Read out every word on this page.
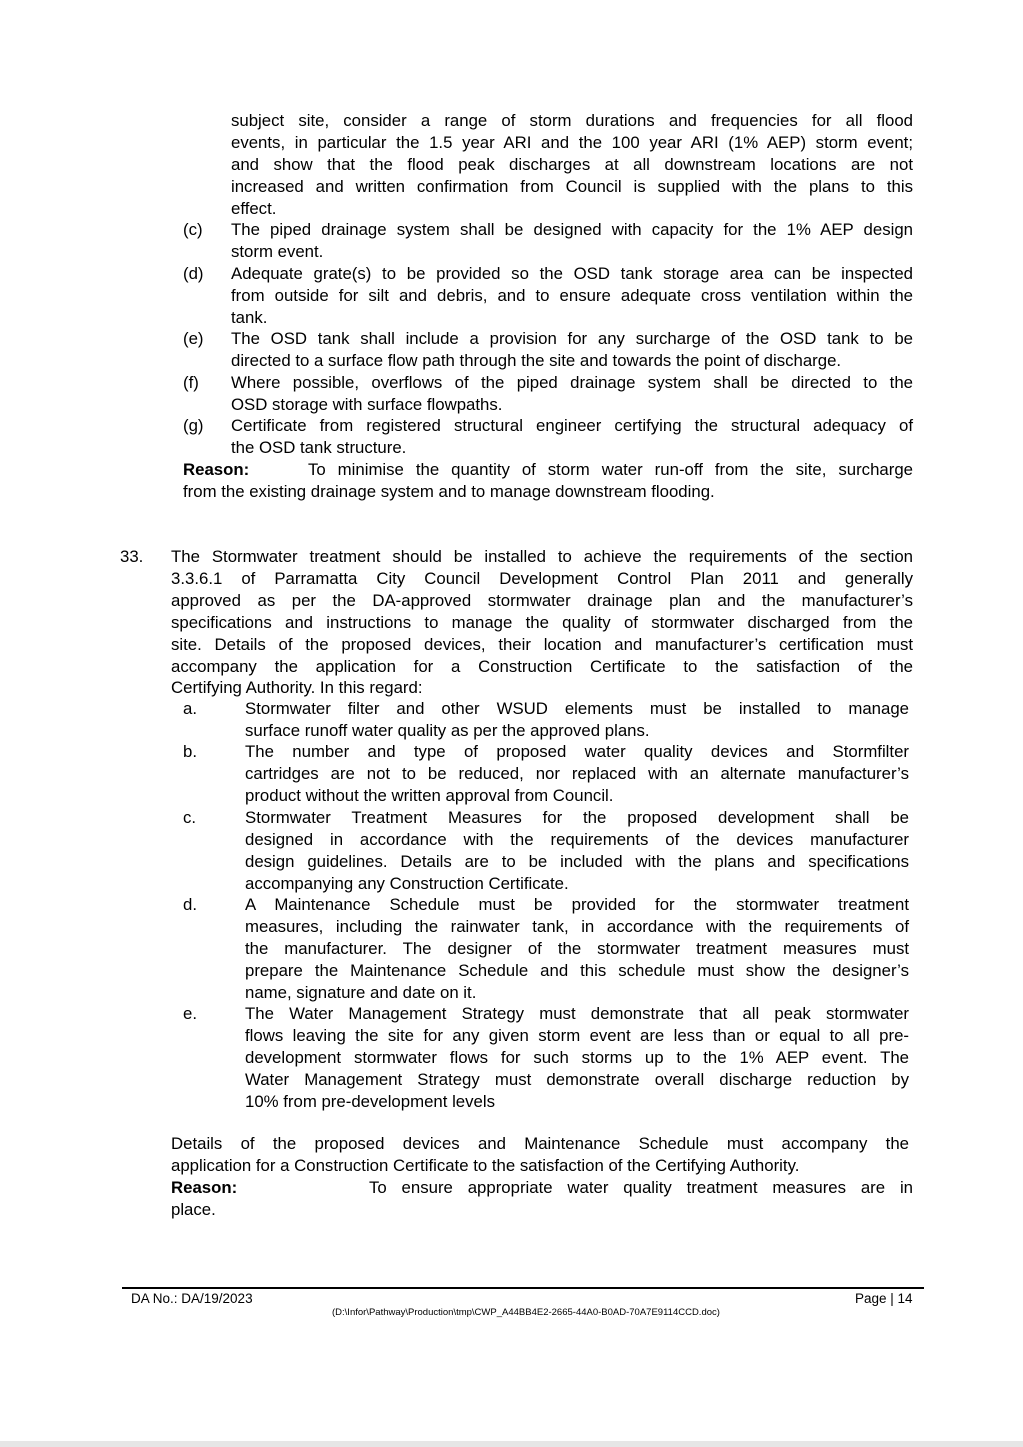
subject site, consider a range of storm durations and frequencies for all flood
events, in particular the 1.5 year ARI and the 100 year ARI (1% AEP) storm event;
and show that the flood peak discharges at all downstream locations are not
increased and written confirmation from Council is supplied with the plans to this
effect.
(c) The piped drainage system shall be designed with capacity for the 1% AEP design
storm event.
(d) Adequate grate(s) to be provided so the OSD tank storage area can be inspected
from outside for silt and debris, and to ensure adequate cross ventilation within the
tank.
(e) The OSD tank shall include a provision for any surcharge of the OSD tank to be
directed to a surface flow path through the site and towards the point of discharge.
(f) Where possible, overflows of the piped drainage system shall be directed to the
OSD storage with surface flowpaths.
(g) Certificate from registered structural engineer certifying the structural adequacy of
the OSD tank structure.
Reason:	To minimise the quantity of storm water run-off from the site, surcharge
from the existing drainage system and to manage downstream flooding.
33. The Stormwater treatment should be installed to achieve the requirements of the section
3.3.6.1 of Parramatta City Council Development Control Plan 2011 and generally
approved as per the DA-approved stormwater drainage plan and the manufacturer’s
specifications and instructions to manage the quality of stormwater discharged from the
site. Details of the proposed devices, their location and manufacturer’s certification must
accompany the application for a Construction Certificate to the satisfaction of the
Certifying Authority. In this regard:
a.	Stormwater filter and other WSUD elements must be installed to manage
surface runoff water quality as per the approved plans.
b.	The number and type of proposed water quality devices and Stormfilter
cartridges are not to be reduced, nor replaced with an alternate manufacturer’s
product without the written approval from Council.
c.	Stormwater Treatment Measures for the proposed development shall be
designed in accordance with the requirements of the devices manufacturer
design guidelines. Details are to be included with the plans and specifications
accompanying any Construction Certificate.
d.	A Maintenance Schedule must be provided for the stormwater treatment
measures, including the rainwater tank, in accordance with the requirements of
the manufacturer. The designer of the stormwater treatment measures must
prepare the Maintenance Schedule and this schedule must show the designer’s
name, signature and date on it.
e.	The Water Management Strategy must demonstrate that all peak stormwater
flows leaving the site for any given storm event are less than or equal to all pre-
development stormwater flows for such storms up to the 1% AEP event. The
Water Management Strategy must demonstrate overall discharge reduction by
10% from pre-development levels
Details of the proposed devices and Maintenance Schedule must accompany the
application for a Construction Certificate to the satisfaction of the Certifying Authority.
Reason:	To ensure appropriate water quality treatment measures are in
place.
DA No.: DA/19/2023	Page | 14
(D:\Infor\Pathway\Production\tmp\CWP_A44BB4E2-2665-44A0-B0AD-70A7E9114CCD.doc)
